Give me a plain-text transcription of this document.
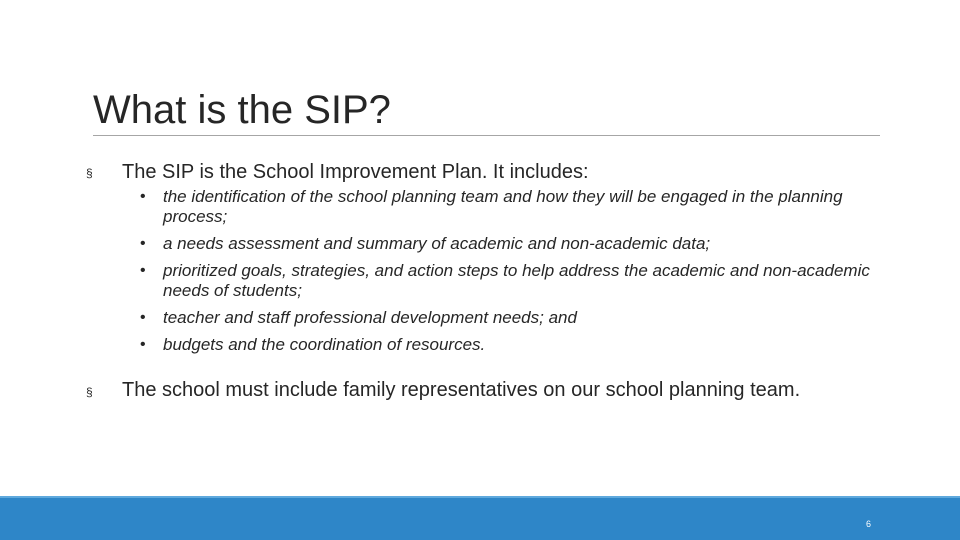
What is the SIP?
§ The SIP is the School Improvement Plan. It includes:
• the identification of the school planning team and how they will be engaged in the planning process;
• a needs assessment and summary of academic and non-academic data;
• prioritized goals, strategies, and action steps to help address the academic and non-academic needs of students;
• teacher and staff professional development needs; and
• budgets and the coordination of resources.
§ The school must include family representatives on our school planning team.
6
